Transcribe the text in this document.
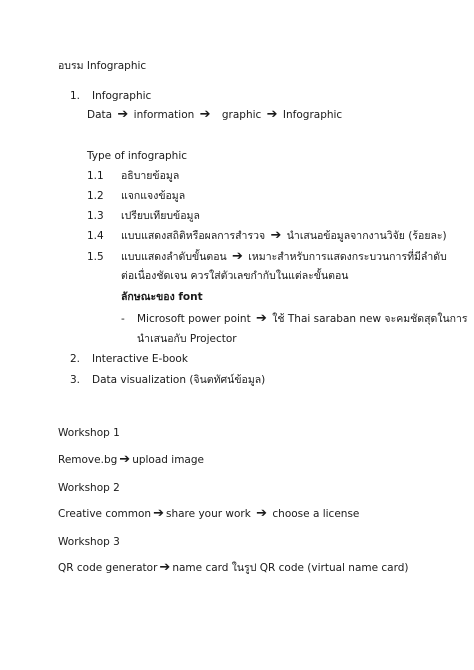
อบรม Infographic
1. Infographic
Data ➔ information ➔ graphic ➔ Infographic
Type of infographic
1.1 อธิบายข้อมูล
1.2 แจกแจงข้อมูล
1.3 เปรียบเทียบข้อมูล
1.4 แบบแสดงสถิติหรือผลการสำรวจ ➔ นำเสนอข้อมูลจากงานวิจัย (ร้อยละ)
1.5 แบบแสดงลำดับขั้นตอน ➔ เหมาะสำหรับการแสดงกระบวนการที่มีลำดับ
ต่อเนื่องชัดเจน ควรใส่ตัวเลขกำกับในแต่ละขั้นตอน
ลักษณะของ font
- Microsoft power point ➔ ใช้ Thai saraban new จะคมชัดสุดในการ
นำเสนอกับ Projector
2. Interactive E-book
3. Data visualization (จินตทัศน์ข้อมูล)
Workshop 1
Remove.bg ➔ upload image
Workshop 2
Creative common ➔ share your work ➔ choose a license
Workshop 3
QR code generator ➔ name card ในรูป QR code (virtual name card)
